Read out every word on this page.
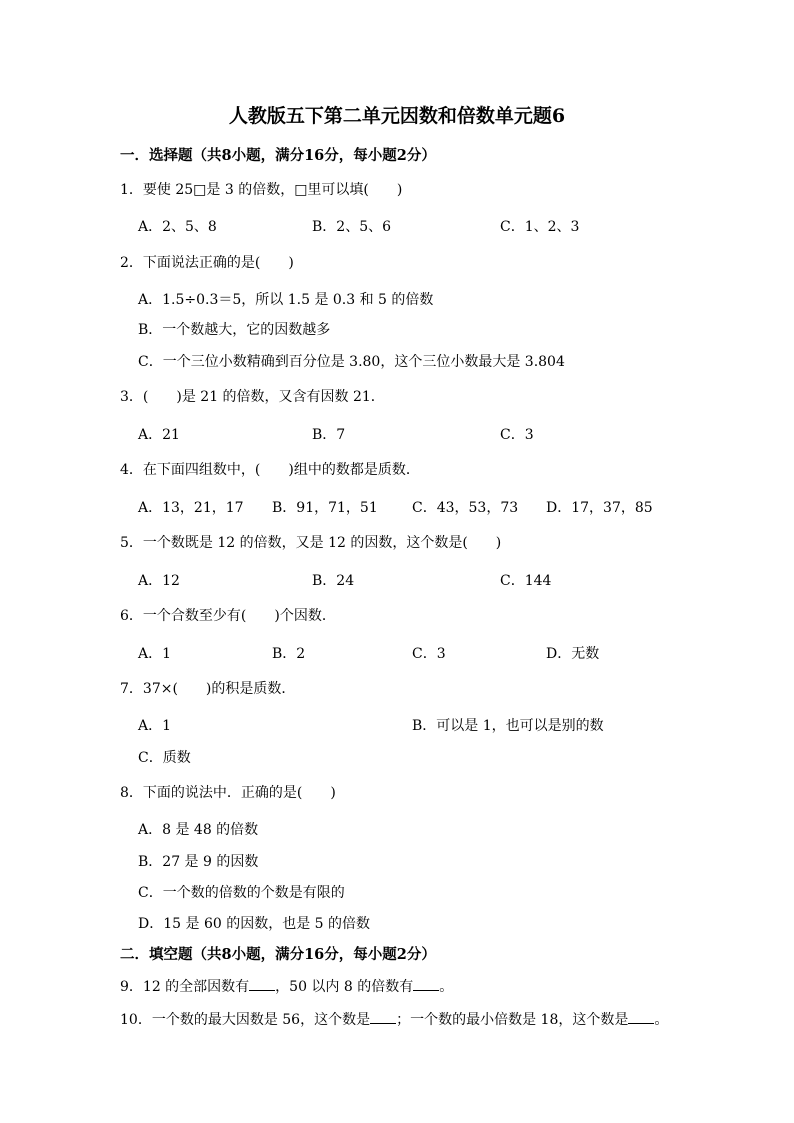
人教版五下第二单元因数和倍数单元题6
一．选择题（共8小题，满分16分，每小题2分）
1．要使 25□是 3 的倍数，□里可以填(　　)
A．2、5、8	B．2、5、6	C．1、2、3
2．下面说法正确的是(　　)
A．1.5÷0.3＝5，所以 1.5 是 0.3 和 5 的倍数
B．一个数越大，它的因数越多
C．一个三位小数精确到百分位是 3.80，这个三位小数最大是 3.804
3．(　　)是 21 的倍数，又含有因数 21．
A．21	B．7	C．3
4．在下面四组数中，(　　)组中的数都是质数．
A．13，21，17 B．91，71，51 C．43，53，73 D．17，37，85
5．一个数既是 12 的倍数，又是 12 的因数，这个数是(　　)
A．12	B．24	C．144
6．一个合数至少有(　　)个因数．
A．1	B．2	C．3	D．无数
7．37×(　　)的积是质数．
A．1	B．可以是 1，也可以是别的数
C．质数
8．下面的说法中．正确的是(　　)
A．8 是 48 的倍数
B．27 是 9 的因数
C．一个数的倍数的个数是有限的
D．15 是 60 的因数，也是 5 的倍数
二．填空题（共8小题，满分16分，每小题2分）
9．12 的全部因数有 ，50 以内 8 的倍数有 。
10．一个数的最大因数是 56，这个数是 ；一个数的最小倍数是 18，这个数是 。
